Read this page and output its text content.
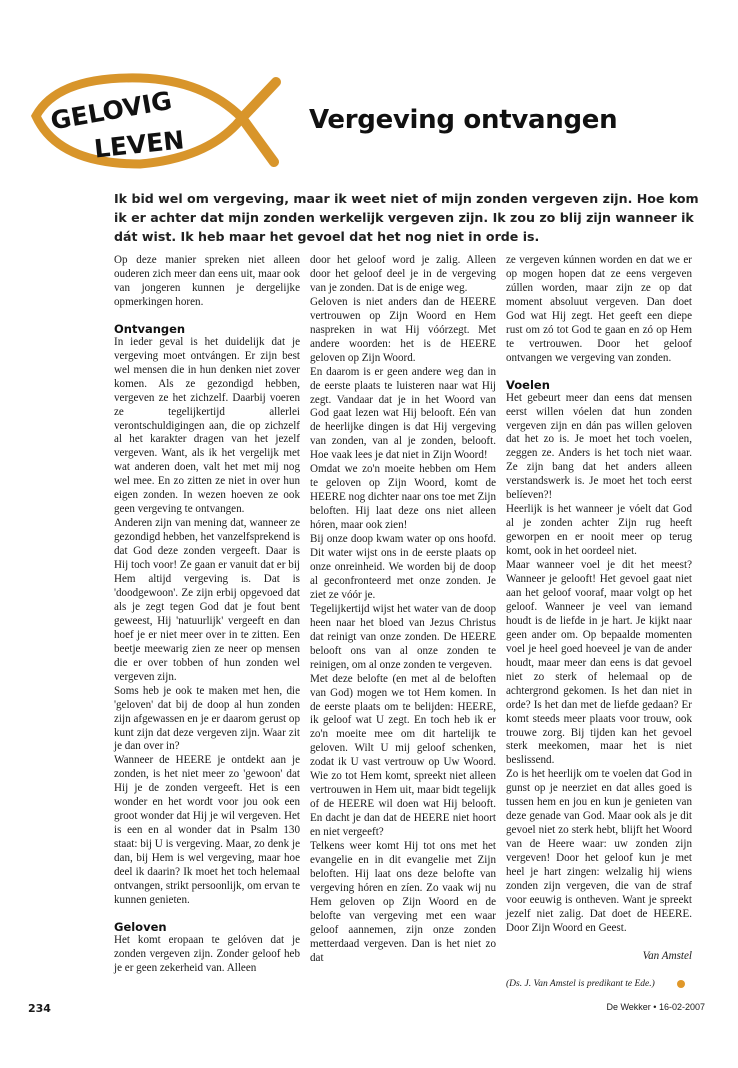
GELOVIG
LEVEN
Vergeving ontvangen

Ik bid wel om vergeving, maar ik weet niet of mijn zonden vergeven zijn. Hoe kom ik er achter dat mijn zonden werkelijk vergeven zijn. Ik zou zo blij zijn wanneer ik dát wist. Ik heb maar het gevoel dat het nog niet in orde is.

Op deze manier spreken niet alleen ouderen zich meer dan eens uit, maar ook van jongeren kunnen je dergelijke opmerkingen horen.

Ontvangen

In ieder geval is het duidelijk dat je vergeving moet ontvángen. Er zijn best wel mensen die in hun denken niet zover komen. Als ze gezondigd hebben, vergeven ze het zichzelf. Daarbij voeren ze tegelijkertijd allerlei verontschuldigingen aan, die op zichzelf al het karakter dragen van het jezelf vergeven. Want, als ik het vergelijk met wat anderen doen, valt het met mij nog wel mee. En zo zitten ze niet in over hun eigen zonden. In wezen hoeven ze ook geen vergeving te ontvangen.

Anderen zijn van mening dat, wanneer ze gezondigd hebben, het vanzelfsprekend is dat God deze zonden vergeeft. Daar is Hij toch voor! Ze gaan er vanuit dat er bij Hem altijd vergeving is. Dat is 'doodgewoon'. Ze zijn erbij opgevoed dat als je zegt tegen God dat je fout bent geweest, Hij 'natuurlijk' vergeeft en dan hoef je er niet meer over in te zitten. Een beetje meewarig zien ze neer op mensen die er over tobben of hun zonden wel vergeven zijn.

Soms heb je ook te maken met hen, die 'geloven' dat bij de doop al hun zonden zijn afgewassen en je er daarom gerust op kunt zijn dat deze vergeven zijn. Waar zit je dan over in?

Wanneer de HEERE je ontdekt aan je zonden, is het niet meer zo 'gewoon' dat Hij je de zonden vergeeft. Het is een wonder en het wordt voor jou ook een groot wonder dat Hij je wil vergeven. Het is een en al wonder dat in Psalm 130 staat: bij U is vergeving. Maar, zo denk je dan, bij Hem is wel vergeving, maar hoe deel ik daarin? Ik moet het toch helemaal ontvangen, strikt persoonlijk, om ervan te kunnen genieten.

Geloven

Het komt eropaan te gelóven dat je zonden vergeven zijn. Zonder geloof heb je er geen zekerheid van. Alleen

door het geloof word je zalig. Alleen door het geloof deel je in de vergeving van je zonden. Dat is de enige weg.

Geloven is niet anders dan de HEERE vertrouwen op Zijn Woord en Hem naspreken in wat Hij vóórzegt. Met andere woorden: het is de HEERE geloven op Zijn Woord.

En daarom is er geen andere weg dan in de eerste plaats te luisteren naar wat Hij zegt. Vandaar dat je in het Woord van God gaat lezen wat Hij belooft. Eén van de heerlijke dingen is dat Hij vergeving van zonden, van al je zonden, belooft. Hoe vaak lees je dat niet in Zijn Woord!

Omdat we zo'n moeite hebben om Hem te geloven op Zijn Woord, komt de HEERE nog dichter naar ons toe met Zijn beloften. Hij laat deze ons niet alleen hóren, maar ook zien!

Bij onze doop kwam water op ons hoofd. Dit water wijst ons in de eerste plaats op onze onreinheid. We worden bij de doop al geconfronteerd met onze zonden. Je ziet ze vóór je.

Tegelijkertijd wijst het water van de doop heen naar het bloed van Jezus Christus dat reinigt van onze zonden. De HEERE belooft ons van al onze zonden te reinigen, om al onze zonden te vergeven.

Met deze belofte (en met al de beloften van God) mogen we tot Hem komen. In de eerste plaats om te belijden: HEERE, ik geloof wat U zegt. En toch heb ik er zo'n moeite mee om dit hartelijk te geloven. Wilt U mij geloof schenken, zodat ik U vast vertrouw op Uw Woord. Wie zo tot Hem komt, spreekt niet alleen vertrouwen in Hem uit, maar bidt tegelijk of de HEERE wil doen wat Hij belooft. En dacht je dan dat de HEERE niet hoort en niet vergeeft?

Telkens weer komt Hij tot ons met het evangelie en in dit evangelie met Zijn beloften. Hij laat ons deze belofte van vergeving hóren en zíen. Zo vaak wij nu Hem geloven op Zijn Woord en de belofte van vergeving met een waar geloof aannemen, zijn onze zonden metterdaad vergeven. Dan is het niet zo dat

ze vergeven kúnnen worden en dat we er op mogen hopen dat ze eens vergeven zúllen worden, maar zijn ze op dat moment absoluut vergeven. Dan doet God wat Hij zegt. Het geeft een diepe rust om zó tot God te gaan en zó op Hem te vertrouwen. Door het geloof ontvangen we vergeving van zonden.

Voelen

Het gebeurt meer dan eens dat mensen eerst willen vóelen dat hun zonden vergeven zijn en dán pas willen geloven dat het zo is. Je moet het toch voelen, zeggen ze. Anders is het toch niet waar. Ze zijn bang dat het anders alleen verstandswerk is. Je moet het toch eerst belíeven?!

Heerlijk is het wanneer je vóelt dat God al je zonden achter Zijn rug heeft geworpen en er nooit meer op terug komt, ook in het oordeel niet.

Maar wanneer voel je dit het meest? Wanneer je gelooft! Het gevoel gaat niet aan het geloof vooraf, maar volgt op het geloof. Wanneer je veel van iemand houdt is de liefde in je hart. Je kijkt naar geen ander om. Op bepaalde momenten voel je heel goed hoeveel je van de ander houdt, maar meer dan eens is dat gevoel niet zo sterk of helemaal op de achtergrond gekomen. Is het dan niet in orde? Is het dan met de liefde gedaan? Er komt steeds meer plaats voor trouw, ook trouwe zorg. Bij tijden kan het gevoel sterk meekomen, maar het is niet beslissend.

Zo is het heerlijk om te voelen dat God in gunst op je neerziet en dat alles goed is tussen hem en jou en kun je genieten van deze genade van God. Maar ook als je dit gevoel niet zo sterk hebt, blijft het Woord van de Heere waar: uw zonden zijn vergeven! Door het geloof kun je met heel je hart zingen: welzalig hij wiens zonden zijn vergeven, die van de straf voor eeuwig is ontheven. Want je spreekt jezelf niet zalig. Dat doet de HEERE. Door Zijn Woord en Geest.

Van Amstel

(Ds. J. Van Amstel is predikant te Ede.)

234	De Wekker • 16-02-2007
